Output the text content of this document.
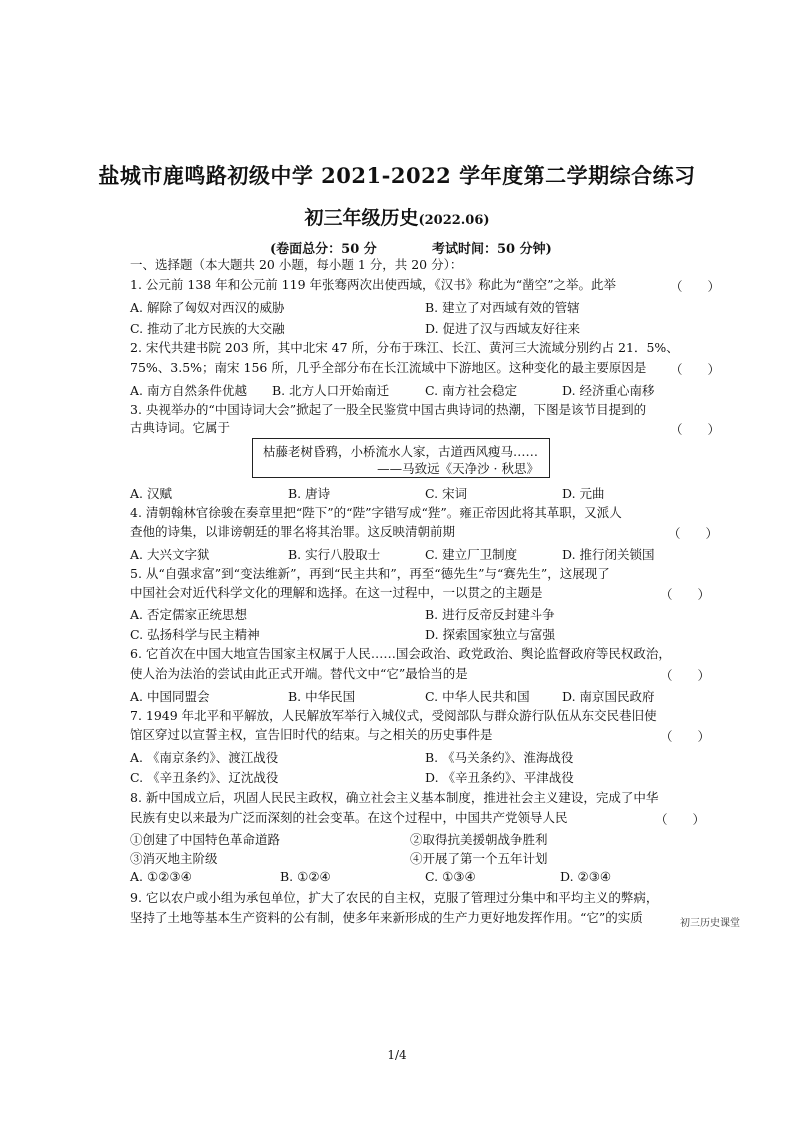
盐城市鹿鸣路初级中学 2021-2022 学年度第二学期综合练习
初三年级历史(2022.06)
(卷面总分：50 分	考试时间：50 分钟)
一、选择题（本大题共 20 小题，每小题 1 分，共 20 分）：
1. 公元前 138 年和公元前 119 年张骞两次出使西域，《汉书》称此为“凿空”之举。此举	（　　）
A. 解除了匈奴对西汉的威胁	B. 建立了对西域有效的管辖
C. 推动了北方民族的大交融	D. 促进了汉与西域友好往来
2. 宋代共建书院 203 所，其中北宋 47 所，分布于珠江、长江、黄河三大流域分别约占 21．5%、
75%、3.5%；南宋 156 所，几乎全部分布在长江流域中下游地区。这种变化的最主要原因是	（　　）
A. 南方自然条件优越 B. 北方人口开始南迁	C. 南方社会稳定	D. 经济重心南移
3. 央视举办的“中国诗词大会”掀起了一股全民鉴赏中国古典诗词的热潮，下图是该节目提到的
古典诗词。它属于	（　　）
枯藤老树昏鸦，小桥流水人家，古道西风瘦马……
——马致远《天净沙 · 秋思》
A. 汉赋	B. 唐诗	C. 宋词	D. 元曲
4. 清朝翰林官徐骏在奏章里把“陛下”的“陛”字错写成“狴”。雍正帝因此将其革职，又派人
查他的诗集，以诽谤朝廷的罪名将其治罪。这反映清朝前期	（　　）
A. 大兴文字狱	B. 实行八股取士	C. 建立厂卫制度	D. 推行闭关锁国
5. 从“自强求富”到“变法维新”，再到“民主共和”，再至“德先生”与“赛先生”，这展现了
中国社会对近代科学文化的理解和选择。在这一过程中，一以贯之的主题是	（　　）
A. 否定儒家正统思想	B. 进行反帝反封建斗争
C. 弘扬科学与民主精神	D. 探索国家独立与富强
6. 它首次在中国大地宣告国家主权属于人民……国会政治、政党政治、舆论监督政府等民权政治，
使人治为法治的尝试由此正式开端。替代文中“它”最恰当的是	（　　）
A. 中国同盟会	B. 中华民国	C. 中华人民共和国	D. 南京国民政府
7. 1949 年北平和平解放，人民解放军举行入城仪式，受阅部队与群众游行队伍从东交民巷旧使
馆区穿过以宣誓主权，宣告旧时代的结束。与之相关的历史事件是	（　　）
A. 《南京条约》、渡江战役	B. 《马关条约》、淮海战役
C. 《辛丑条约》、辽沈战役	D. 《辛丑条约》、平津战役
8. 新中国成立后，巩固人民民主政权，确立社会主义基本制度，推进社会主义建设，完成了中华
民族有史以来最为广泛而深刻的社会变革。在这个过程中，中国共产党领导人民	（　　）
①创建了中国特色革命道路	②取得抗美援朝战争胜利
③消灭地主阶级	④开展了第一个五年计划
A. ①②③④	B. ①②④	C. ①③④	D. ②③④
9. 它以农户或小组为承包单位，扩大了农民的自主权，克服了管理过分集中和平均主义的弊病，
坚持了土地等基本生产资料的公有制，使多年来新形成的生产力更好地发挥作用。“它”的实质	初三历史课堂
1/4
